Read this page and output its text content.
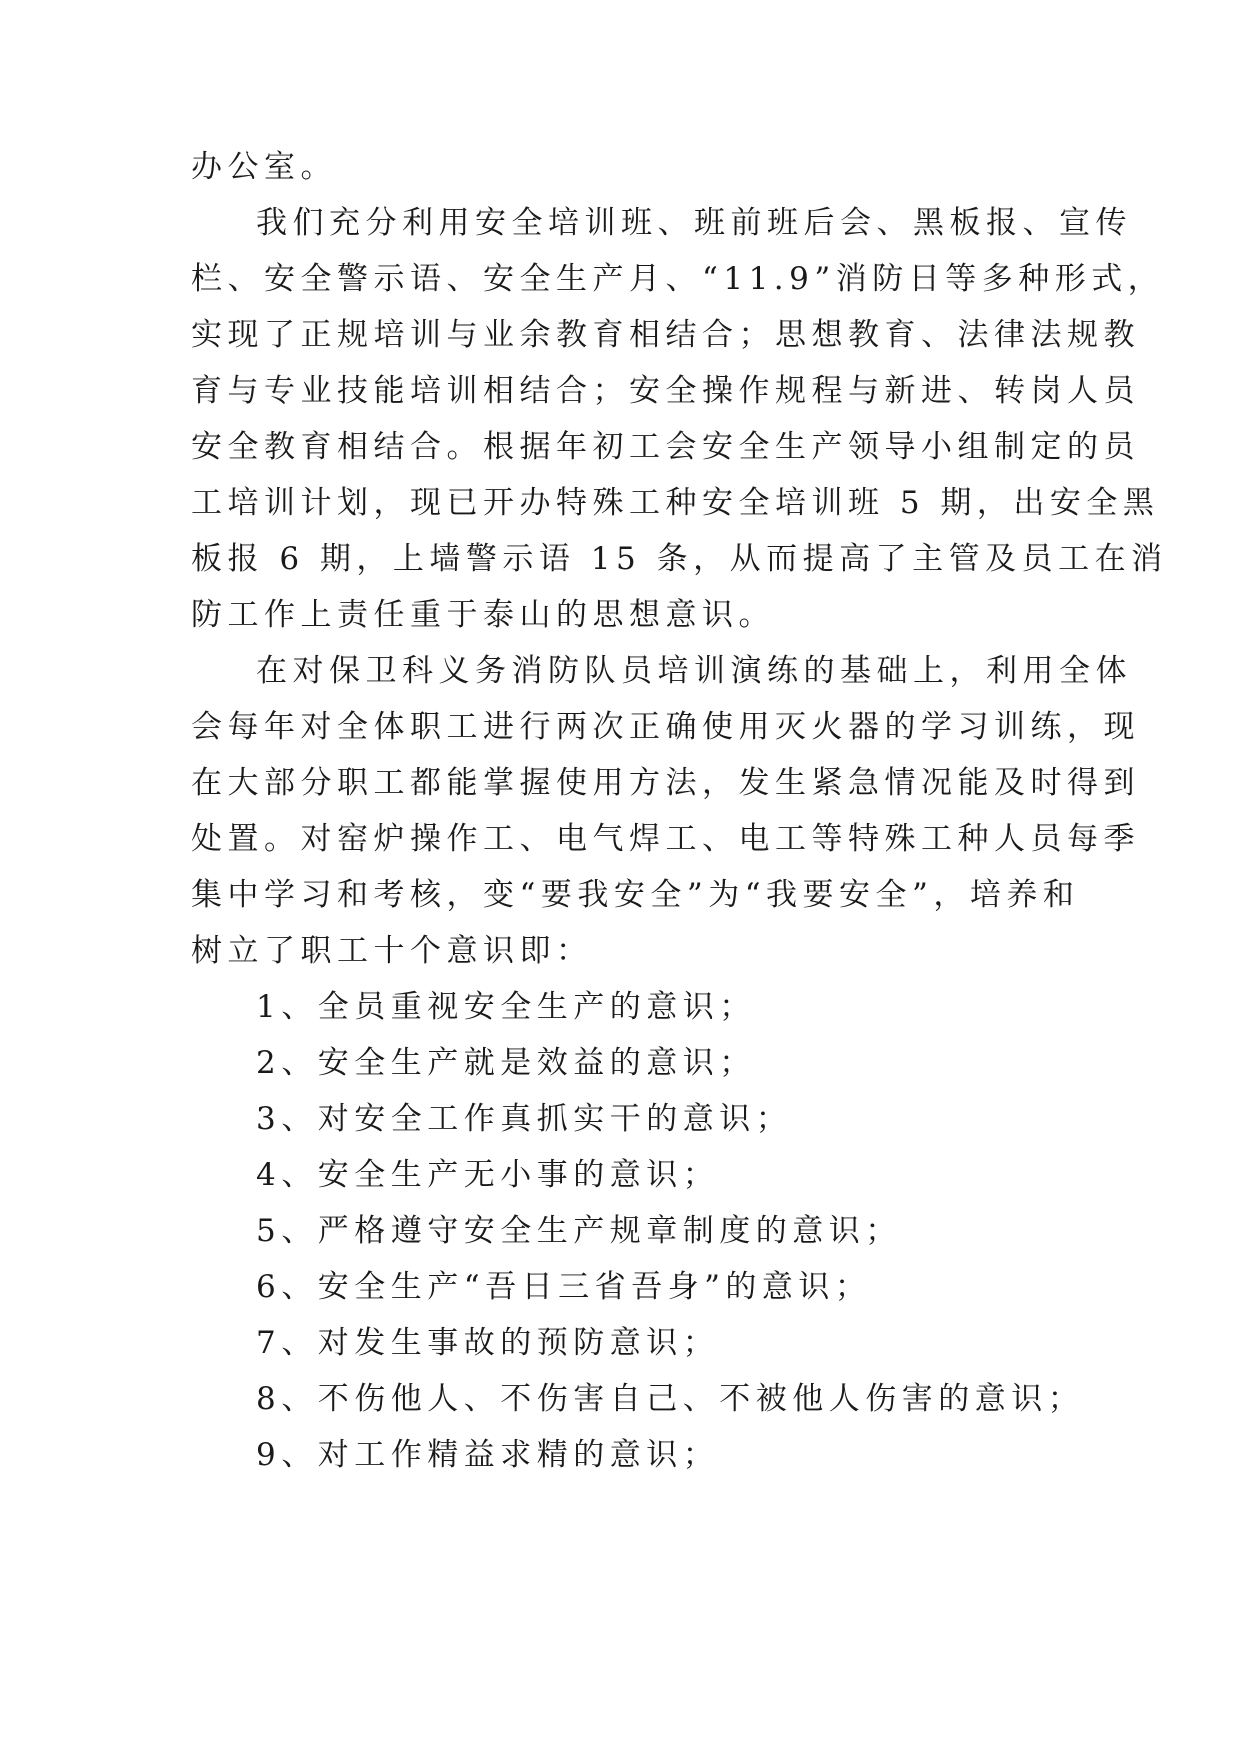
办公室。
我们充分利用安全培训班、班前班后会、黑板报、宣传
栏、安全警示语、安全生产月、“11.9”消防日等多种形式，
实现了正规培训与业余教育相结合；思想教育、法律法规教
育与专业技能培训相结合；安全操作规程与新进、转岗人员
安全教育相结合。根据年初工会安全生产领导小组制定的员
工培训计划，现已开办特殊工种安全培训班 5 期，出安全黑
板报 6 期，上墙警示语 15 条，从而提高了主管及员工在消
防工作上责任重于泰山的思想意识。
在对保卫科义务消防队员培训演练的基础上，利用全体
会每年对全体职工进行两次正确使用灭火器的学习训练，现
在大部分职工都能掌握使用方法，发生紧急情况能及时得到
处置。对窑炉操作工、电气焊工、电工等特殊工种人员每季
集中学习和考核，变“要我安全”为“我要安全”，培养和
树立了职工十个意识即：
1、全员重视安全生产的意识；
2、安全生产就是效益的意识；
3、对安全工作真抓实干的意识；
4、安全生产无小事的意识；
5、严格遵守安全生产规章制度的意识；
6、安全生产“吾日三省吾身”的意识；
7、对发生事故的预防意识；
8、不伤他人、不伤害自己、不被他人伤害的意识；
9、对工作精益求精的意识；
